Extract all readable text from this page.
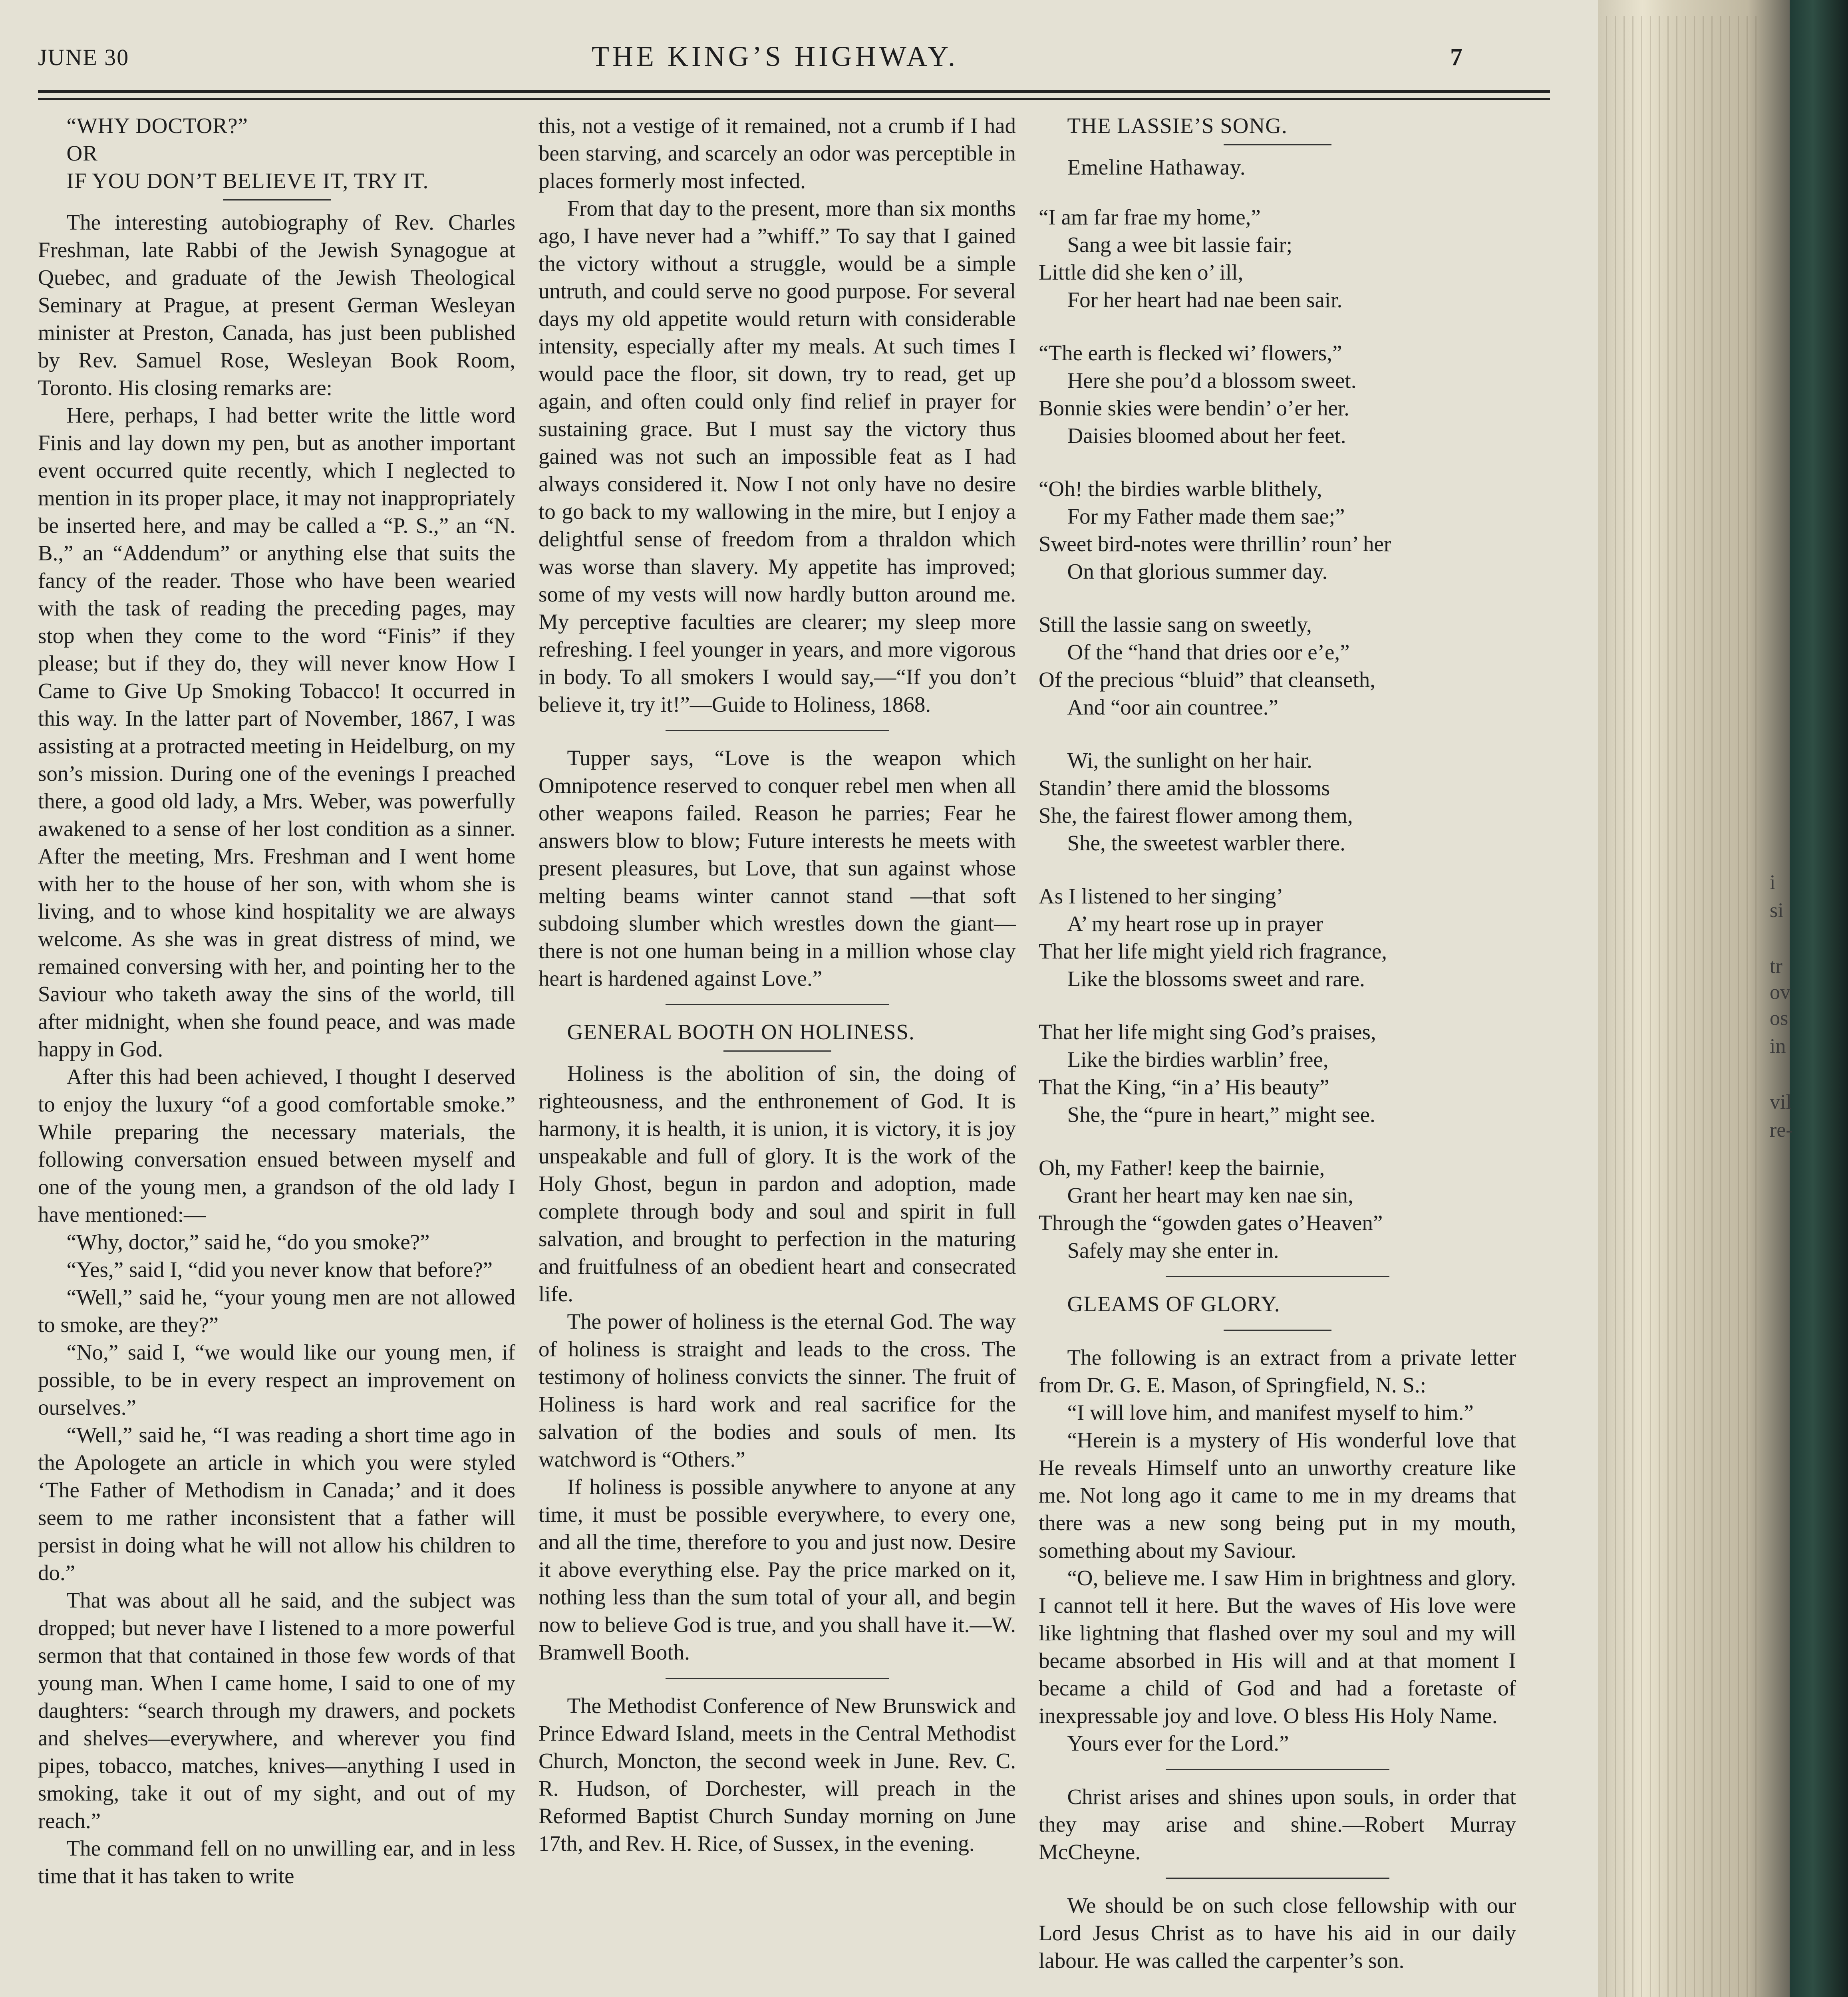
JUNE 30	THE KING’S HIGHWAY.	7

“WHY DOCTOR?”

OR

IF YOU DON’T BELIEVE IT, TRY IT.

The interesting autobiography of Rev. Charles Freshman, late Rabbi of the Jewish Synagogue at Quebec, and graduate of the Jewish Theological Seminary at Prague, at present German Wesleyan minister at Preston, Canada, has just been published by Rev. Samuel Rose, Wesleyan Book Room, Toronto. His closing remarks are:

Here, perhaps, I had better write the little word Finis and lay down my pen, but as another important event occurred quite recently, which I neglected to mention in its proper place, it may not inappropriately be inserted here, and may be called a “P. S.,” an “N. B.,” an “Addendum” or anything else that suits the fancy of the reader. Those who have been wearied with the task of reading the preceding pages, may stop when they come to the word “Finis” if they please; but if they do, they will never know How I Came to Give Up Smoking Tobacco! It occurred in this way. In the latter part of November, 1867, I was assisting at a protracted meeting in Heidelburg, on my son’s mission. During one of the evenings I preached there, a good old lady, a Mrs. Weber, was powerfully awakened to a sense of her lost condition as a sinner. After the meeting, Mrs. Freshman and I went home with her to the house of her son, with whom she is living, and to whose kind hospitality we are always welcome. As she was in great distress of mind, we remained conversing with her, and pointing her to the Saviour who taketh away the sins of the world, till after midnight, when she found peace, and was made happy in God.

After this had been achieved, I thought I deserved to enjoy the luxury “of a good comfortable smoke.” While preparing the necessary materials, the following conversation ensued between myself and one of the young men, a grandson of the old lady I have mentioned:—

“Why, doctor,” said he, “do you smoke?”

“Yes,” said I, “did you never know that before?”

“Well,” said he, “your young men are not allowed to smoke, are they?”

“No,” said I, “we would like our young men, if possible, to be in every respect an improvement on ourselves.”

“Well,” said he, “I was reading a short time ago in the Apologete an article in which you were styled ‘The Father of Methodism in Canada;’ and it does seem to me rather inconsistent that a father will persist in doing what he will not allow his children to do.”

That was about all he said, and the subject was dropped; but never have I listened to a more powerful sermon that that contained in those few words of that young man. When I came home, I said to one of my daughters: “search through my drawers, and pockets and shelves—everywhere, and wherever you find pipes, tobacco, matches, knives—anything I used in smoking, take it out of my sight, and out of my reach.”

The command fell on no unwilling ear, and in less time that it has taken to write

this, not a vestige of it remained, not a crumb if I had been starving, and scarcely an odor was perceptible in places formerly most infected.

From that day to the present, more than six months ago, I have never had a ”whiff.” To say that I gained the victory without a struggle, would be a simple untruth, and could serve no good purpose. For several days my old appetite would return with considerable intensity, especially after my meals. At such times I would pace the floor, sit down, try to read, get up again, and often could only find relief in prayer for sustaining grace. But I must say the victory thus gained was not such an impossible feat as I had always considered it. Now I not only have no desire to go back to my wallowing in the mire, but I enjoy a delightful sense of freedom from a thraldon which was worse than slavery. My appetite has improved; some of my vests will now hardly button around me. My perceptive faculties are clearer; my sleep more refreshing. I feel younger in years, and more vigorous in body. To all smokers I would say,—“If you don’t believe it, try it!”—Guide to Holiness, 1868.

Tupper says, “Love is the weapon which Omnipotence reserved to conquer rebel men when all other weapons failed. Reason he parries; Fear he answers blow to blow; Future interests he meets with present pleasures, but Love, that sun against whose melting beams winter cannot stand —that soft subdoing slumber which wrestles down the giant—there is not one human being in a million whose clay heart is hardened against Love.”

GENERAL BOOTH ON HOLINESS.

Holiness is the abolition of sin, the doing of righteousness, and the enthronement of God. It is harmony, it is health, it is union, it is victory, it is joy unspeakable and full of glory. It is the work of the Holy Ghost, begun in pardon and adoption, made complete through body and soul and spirit in full salvation, and brought to perfection in the maturing and fruitfulness of an obedient heart and consecrated life.

The power of holiness is the eternal God. The way of holiness is straight and leads to the cross. The testimony of holiness convicts the sinner. The fruit of Holiness is hard work and real sacrifice for the salvation of the bodies and souls of men. Its watchword is “Others.”

If holiness is possible anywhere to anyone at any time, it must be possible everywhere, to every one, and all the time, therefore to you and just now. Desire it above everything else. Pay the price marked on it, nothing less than the sum total of your all, and begin now to believe God is true, and you shall have it.—W. Bramwell Booth.

The Methodist Conference of New Brunswick and Prince Edward Island, meets in the Central Methodist Church, Moncton, the second week in June. Rev. C. R. Hudson, of Dorchester, will preach in the Reformed Baptist Church Sunday morning on June 17th, and Rev. H. Rice, of Sussex, in the evening.

THE LASSIE’S SONG.

Emeline Hathaway.

“I am far frae my home,”
Sang a wee bit lassie fair;
Little did she ken o’ ill,
For her heart had nae been sair.
“The earth is flecked wi’ flowers,”
Here she pou’d a blossom sweet.
Bonnie skies were bendin’ o’er her.
Daisies bloomed about her feet.
“Oh! the birdies warble blithely,
For my Father made them sae;”
Sweet bird-notes were thrillin’ roun’ her
On that glorious summer day.
Still the lassie sang on sweetly,
Of the “hand that dries oor e’e,”
Of the precious “bluid” that cleanseth,
And “oor ain countree.”
Wi, the sunlight on her hair.
Standin’ there amid the blossoms
She, the fairest flower among them,
She, the sweetest warbler there.
As I listened to her singing’
A’ my heart rose up in prayer
That her life might yield rich fragrance,
Like the blossoms sweet and rare.
That her life might sing God’s praises,
Like the birdies warblin’ free,
That the King, “in a’ His beauty”
She, the “pure in heart,” might see.
Oh, my Father! keep the bairnie,
Grant her heart may ken nae sin,
Through the “gowden gates o’Heaven”
Safely may she enter in.

GLEAMS OF GLORY.

The following is an extract from a private letter from Dr. G. E. Mason, of Springfield, N. S.:

“I will love him, and manifest myself to him.”

“Herein is a mystery of His wonderful love that He reveals Himself unto an unworthy creature like me. Not long ago it came to me in my dreams that there was a new song being put in my mouth, something about my Saviour.

“O, believe me. I saw Him in brightness and glory. I cannot tell it here. But the waves of His love were like lightning that flashed over my soul and my will became absorbed in His will and at that moment I became a child of God and had a foretaste of inexpressable joy and love. O bless His Holy Name.

Yours ever for the Lord.”

Christ arises and shines upon souls, in order that they may arise and shine.—Robert Murray McCheyne.

We should be on such close fellowship with our Lord Jesus Christ as to have his aid in our daily labour. He was called the carpenter’s son.

i
si
tr
ov
os
in
vil
re-
